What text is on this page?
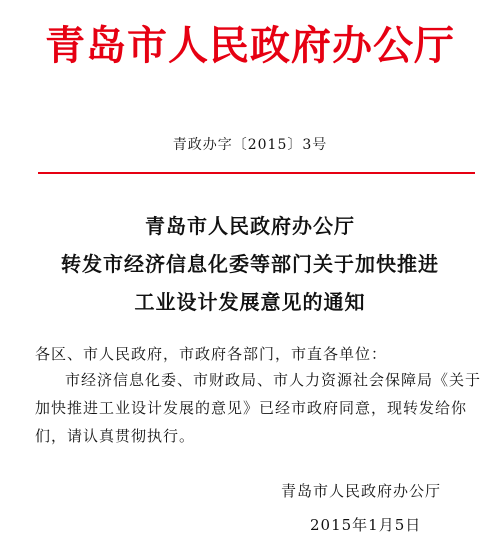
青岛市人民政府办公厅
青政办字〔2015〕3号
青岛市人民政府办公厅
转发市经济信息化委等部门关于加快推进
工业设计发展意见的通知
各区、市人民政府，市政府各部门，市直各单位：
市经济信息化委、市财政局、市人力资源社会保障局《关于
加快推进工业设计发展的意见》已经市政府同意，现转发给你
们，请认真贯彻执行。
青岛市人民政府办公厅
2015年1月5日
